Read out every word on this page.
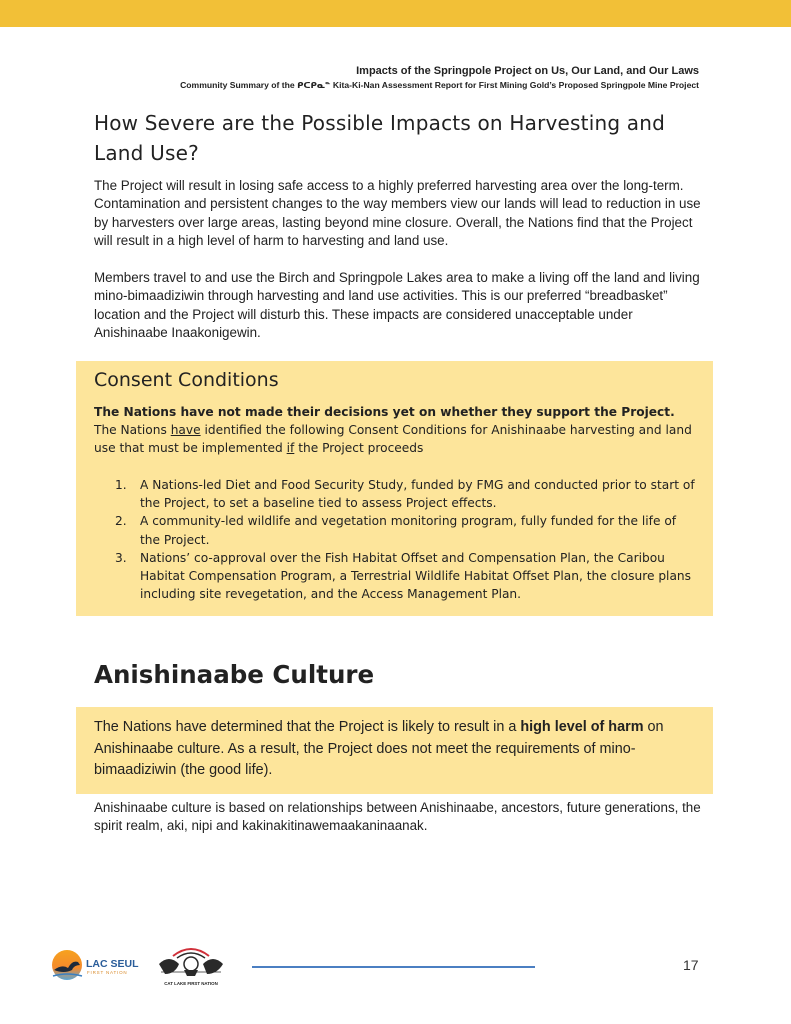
Impacts of the Springpole Project on Us, Our Land, and Our Laws
Community Summary of the ᑭᑕᑭᓇᓐ Kita-Ki-Nan Assessment Report for First Mining Gold’s Proposed Springpole Mine Project
How Severe are the Possible Impacts on Harvesting and Land Use?

The Project will result in losing safe access to a highly preferred harvesting area over the long-term. Contamination and persistent changes to the way members view our lands will lead to reduction in use by harvesters over large areas, lasting beyond mine closure. Overall, the Nations find that the Project will result in a high level of harm to harvesting and land use.

Members travel to and use the Birch and Springpole Lakes area to make a living off the land and living mino-bimaadiziwin through harvesting and land use activities. This is our preferred “breadbasket” location and the Project will disturb this. These impacts are considered unacceptable under Anishinaabe Inaakonigewin.

Consent Conditions

The Nations have not made their decisions yet on whether they support the Project. The Nations have identified the following Consent Conditions for Anishinaabe harvesting and land use that must be implemented if the Project proceeds

1. A Nations-led Diet and Food Security Study, funded by FMG and conducted prior to start of the Project, to set a baseline tied to assess Project effects.
2. A community-led wildlife and vegetation monitoring program, fully funded for the life of the Project.
3. Nations’ co-approval over the Fish Habitat Offset and Compensation Plan, the Caribou Habitat Compensation Program, a Terrestrial Wildlife Habitat Offset Plan, the closure plans including site revegetation, and the Access Management Plan.
Anishinaabe Culture

The Nations have determined that the Project is likely to result in a high level of harm on Anishinaabe culture. As a result, the Project does not meet the requirements of mino-bimaadiziwin (the good life).

Anishinaabe culture is based on relationships between Anishinaabe, ancestors, future generations, the spirit realm, aki, nipi and kakinakitinawemaakaninaanak.

LAC SEUL
FIRST NATION
CAT LAKE FIRST NATION
17
